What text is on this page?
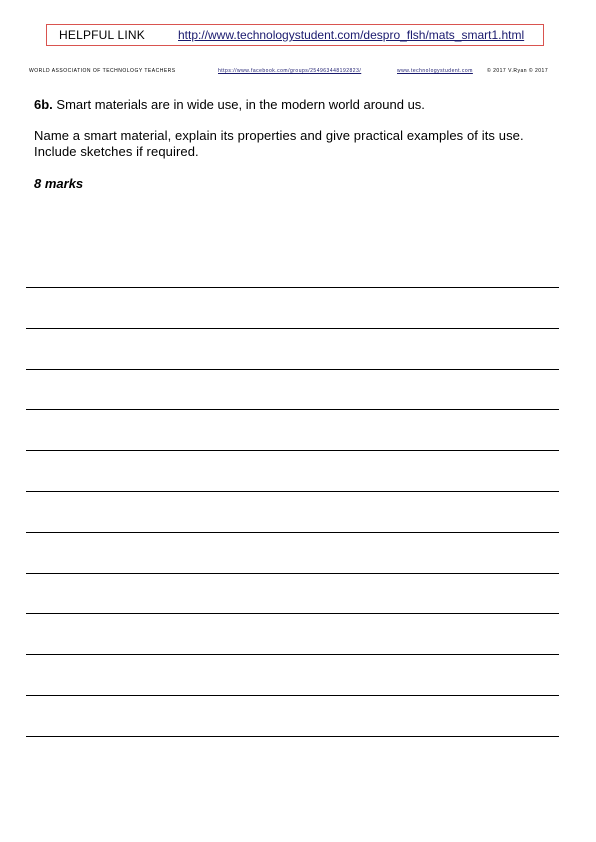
HELPFUL LINK	http://www.technologystudent.com/despro_flsh/mats_smart1.html
WORLD ASSOCIATION OF TECHNOLOGY TEACHERS	https://www.facebook.com/groups/254963448192823/	www.technologystudent.com	© 2017 V.Ryan © 2017
6b. Smart materials are in wide use, in the modern world around us.
Name a smart material, explain its properties and give practical examples of its use.
Include sketches if required.
8 marks
